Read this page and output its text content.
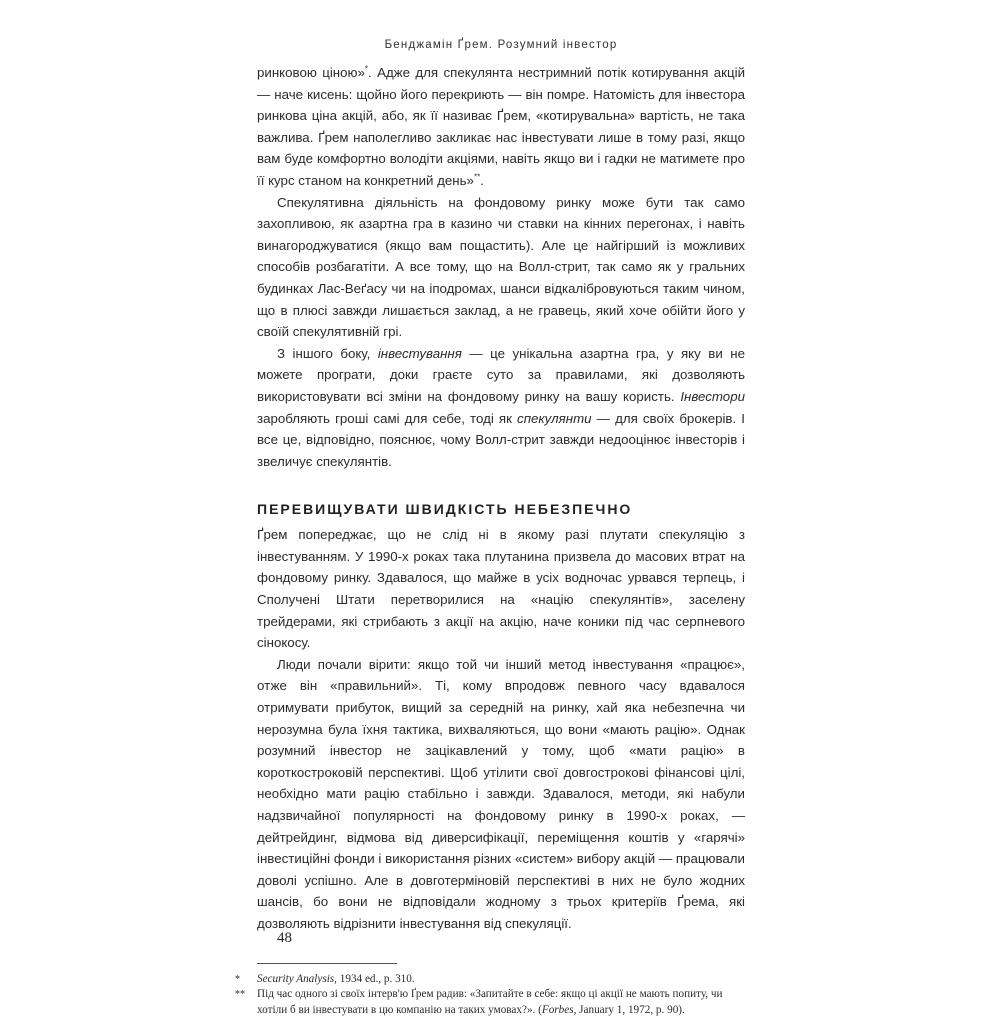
Бенджамін Ґрем. Розумний інвестор

ринковою ціною»*. Адже для спекулянта нестримний потік котирування акцій — наче кисень: щойно його перекриють — він помре. Натомість для інвестора ринкова ціна акцій, або, як її називає Ґрем, «котирувальна» вартість, не така важлива. Ґрем наполегливо закликає нас інвестувати лише в тому разі, якщо вам буде комфортно володіти акціями, навіть якщо ви і гадки не матимете про її курс станом на конкретний день»**.

Спекулятивна діяльність на фондовому ринку може бути так само захопливою, як азартна гра в казино чи ставки на кінних перегонах, і навіть винагороджуватися (якщо вам пощастить). Але це найгірший із можливих способів розбагатіти. А все тому, що на Волл-стрит, так само як у гральних будинках Лас-Веґасу чи на іподромах, шанси відкалібровуються таким чином, що в плюсі завжди лишається заклад, а не гравець, який хоче обійти його у своїй спекулятивній грі.

З іншого боку, інвестування — це унікальна азартна гра, у яку ви не можете програти, доки граєте суто за правилами, які дозволяють використовувати всі зміни на фондовому ринку на вашу користь. Інвестори заробляють гроші самі для себе, тоді як спекулянти — для своїх брокерів. І все це, відповідно, пояснює, чому Волл-стрит завжди недооцінює інвесторів і звеличує спекулянтів.

ПЕРЕВИЩУВАТИ ШВИДКІСТЬ НЕБЕЗПЕЧНО

Ґрем попереджає, що не слід ні в якому разі плутати спекуляцію з інвестуванням. У 1990-х роках така плутанина призвела до масових втрат на фондовому ринку. Здавалося, що майже в усіх водночас урвався терпець, і Сполучені Штати перетворилися на «націю спекулянтів», заселену трейдерами, які стрибають з акції на акцію, наче коники під час серпневого сінокосу.

Люди почали вірити: якщо той чи інший метод інвестування «працює», отже він «правильний». Ті, кому впродовж певного часу вдавалося отримувати прибуток, вищий за середній на ринку, хай яка небезпечна чи нерозумна була їхня тактика, вихваляються, що вони «мають рацію». Однак розумний інвестор не зацікавлений у тому, щоб «мати рацію» в короткостроковій перспективі. Щоб утілити свої довгострокові фінансові цілі, необхідно мати рацію стабільно і завжди. Здавалося, методи, які набули надзвичайної популярності на фондовому ринку в 1990-х роках, — дейтрейдинг, відмова від диверсифікації, переміщення коштів у «гарячі» інвестиційні фонди і використання різних «систем» вибору акцій — працювали доволі успішно. Але в довготерміновій перспективі в них не було жодних шансів, бо вони не відповідали жодному з трьох критеріїв Ґрема, які дозволяють відрізнити інвестування від спекуляції.

* Security Analysis, 1934 ed., p. 310.
** Під час одного зі своїх інтерв'ю Ґрем радив: «Запитайте в себе: якщо ці акції не мають попиту, чи хотіли б ви інвестувати в цю компанію на таких умовах?». (Forbes, January 1, 1972, p. 90).
48
